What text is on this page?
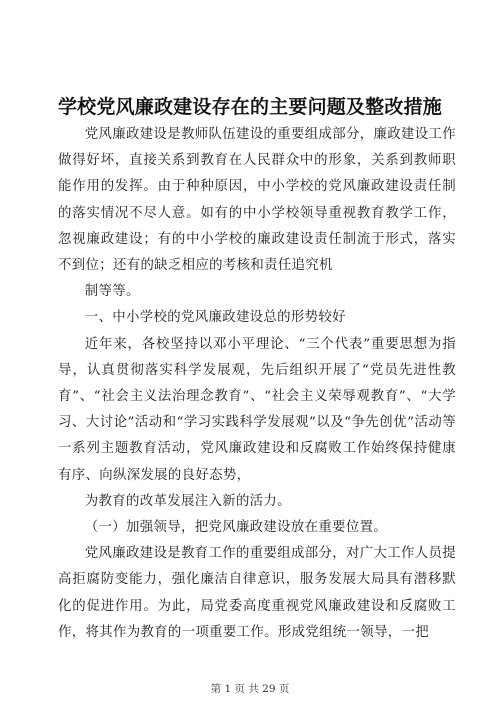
学校党风廉政建设存在的主要问题及整改措施

党风廉政建设是教师队伍建设的重要组成部分，廉政建设工作做得好坏，直接关系到教育在人民群众中的形象，关系到教师职能作用的发挥。由于种种原因，中小学校的党风廉政建设责任制的落实情况不尽人意。如有的中小学校领导重视教育教学工作，忽视廉政建设；有的中小学校的廉政建设责任制流于形式，落实不到位；还有的缺乏相应的考核和责任追究机

制等等。

一、中小学校的党风廉政建设总的形势较好

近年来，各校坚持以邓小平理论、“三个代表”重要思想为指导，认真贯彻落实科学发展观，先后组织开展了“党员先进性教育”、“社会主义法治理念教育”、“社会主义荣辱观教育”、“大学习、大讨论”活动和“学习实践科学发展观”以及“争先创优”活动等一系列主题教育活动，党风廉政建设和反腐败工作始终保持健康有序、向纵深发展的良好态势，

为教育的改革发展注入新的活力。

（一）加强领导，把党风廉政建设放在重要位置。

党风廉政建设是教育工作的重要组成部分，对广大工作人员提高拒腐防变能力，强化廉洁自律意识，服务发展大局具有潜移默化的促进作用。为此，局党委高度重视党风廉政建设和反腐败工作，将其作为教育的一项重要工作。形成党组统一领导，一把

第 1 页 共 29 页
